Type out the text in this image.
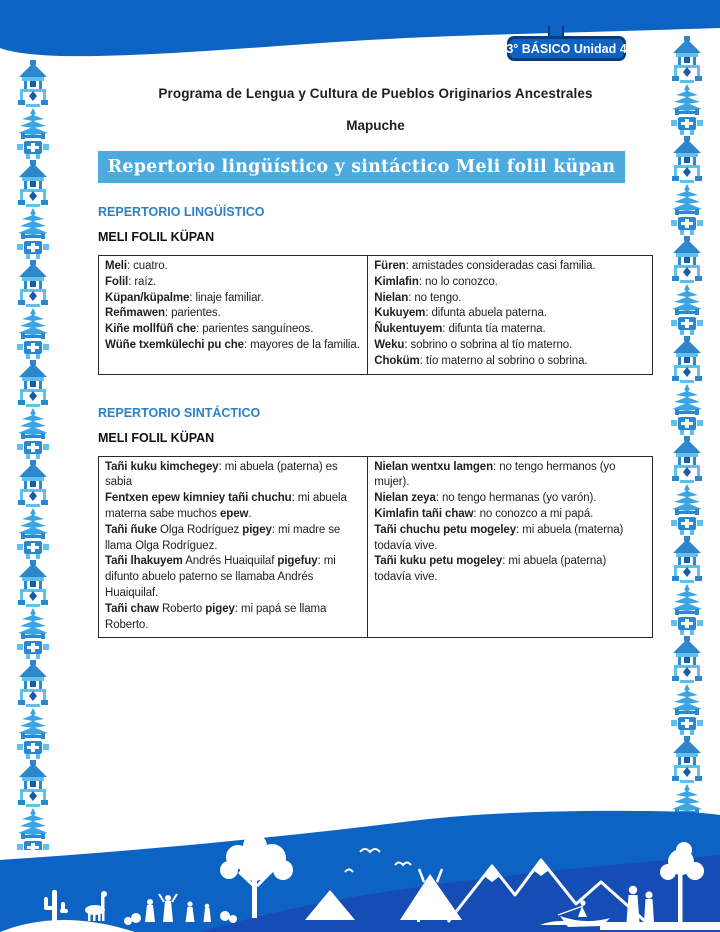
3° BÁSICO Unidad 4
Programa de Lengua y Cultura de Pueblos Originarios Ancestrales
Mapuche
Repertorio lingüístico y sintáctico Meli folil küpan
REPERTORIO LINGÜÍSTICO
MELI FOLIL KÜPAN
Meli: cuatro.
Folil: raíz.
Küpan/küpalme: linaje familiar.
Reñmawen: parientes.
Kiñe mollfüñ che: parientes sanguíneos.
Wüñe txemkülechi pu che: mayores de la familia.

Füren: amistades consideradas casi familia.
Kimlafin: no lo conozco.
Nielan: no tengo.
Kukuyem: difunta abuela paterna.
Ñukentuyem: difunta tía materna.
Weku: sobrino o sobrina al tío materno.
Choküm: tío materno al sobrino o sobrina.
REPERTORIO SINTÁCTICO
MELI FOLIL KÜPAN
Tañi kuku kimchegey: mi abuela (paterna) es sabia
Fentxen epew kimniey tañi chuchu: mi abuela materna sabe muchos epew.
Tañi ñuke Olga Rodríguez pigey: mi madre se llama Olga Rodríguez.
Tañi lhakuyem Andrés Huaiquilaf pigefuy: mi difunto abuelo paterno se llamaba Andrés Huaiquilaf.
Tañi chaw Roberto pigey: mi papá se llama Roberto.

Nielan wentxu lamgen: no tengo hermanos (yo mujer).
Nielan zeya: no tengo hermanas (yo varón).
Kimlafin tañi chaw: no conozco a mi papá.
Tañi chuchu petu mogeley: mi abuela (materna) todavía vive.
Tañi kuku petu mogeley: mi abuela (paterna) todavía vive.
